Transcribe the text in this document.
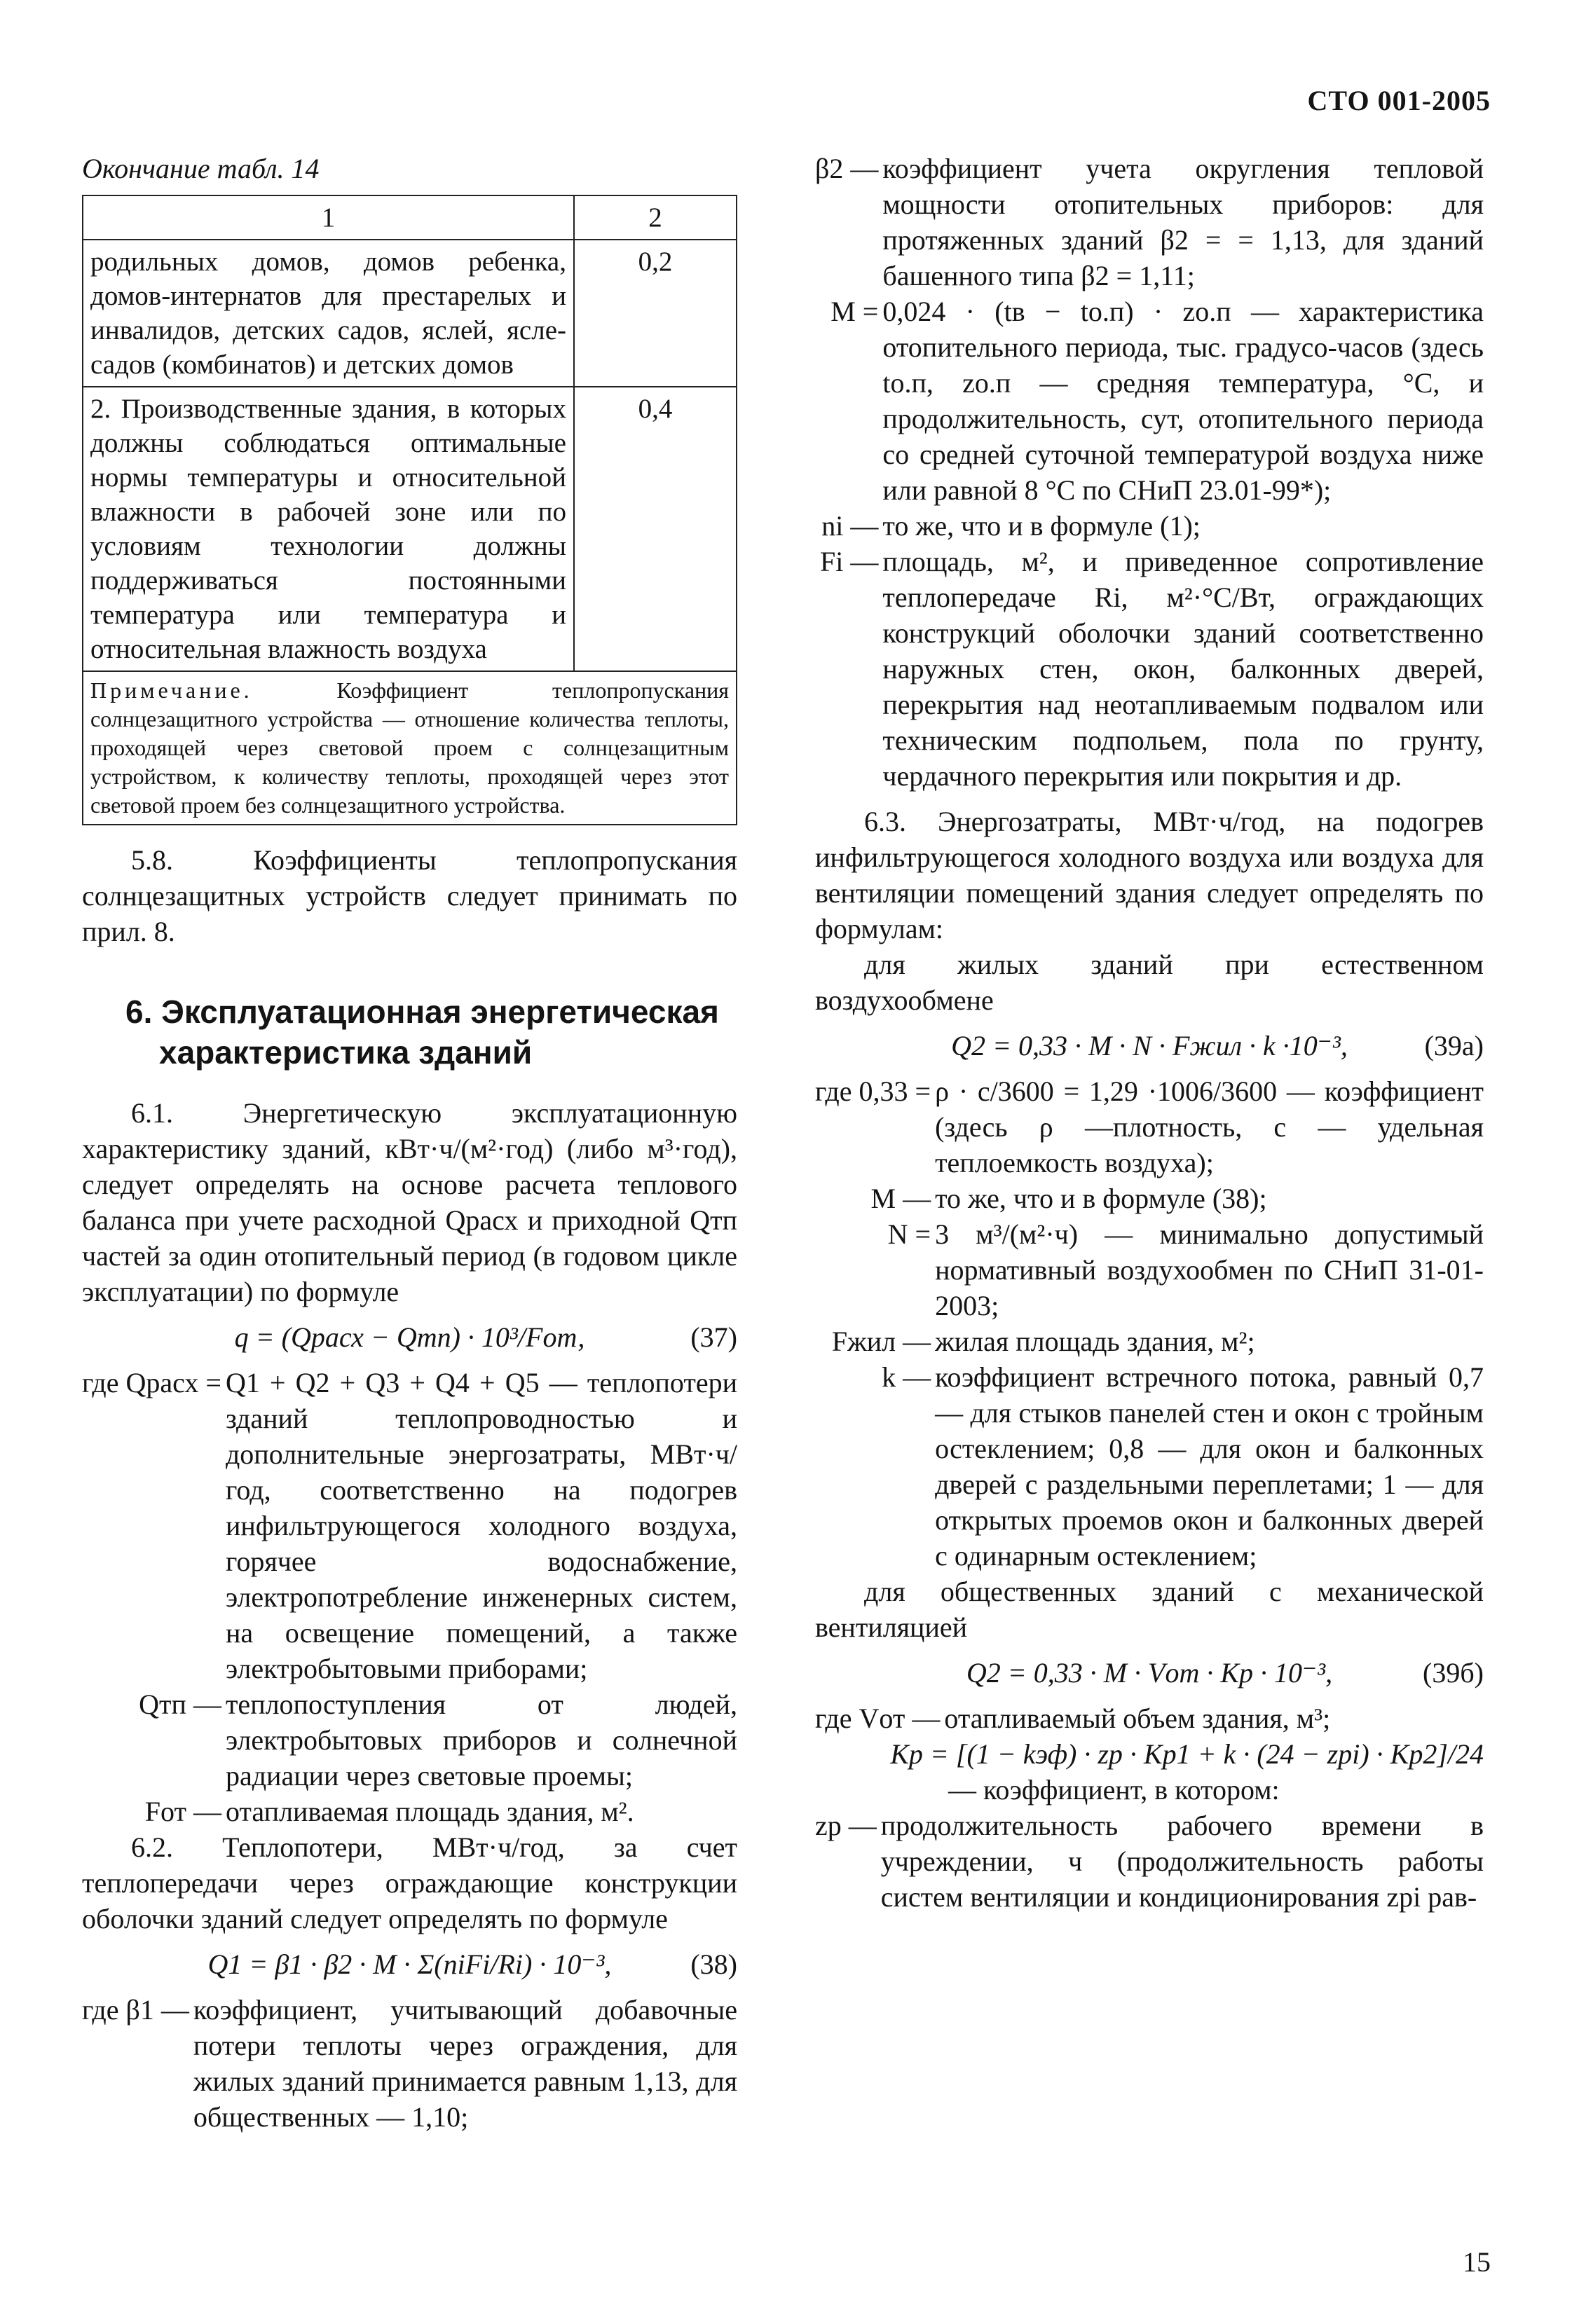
СТО 001-2005

Окончание табл. 14

1	2
родильных домов, домов ребенка, домов-интернатов для престарелых и инвалидов, детских садов, яслей, ясле-садов (комбинатов) и детских домов	0,2
2. Производственные здания, в которых должны соблюдаться оптимальные нормы температуры и относительной влажности в рабочей зоне или по условиям технологии должны поддерживаться постоянными температура или температура и относительная влажность воздуха	0,4
Примечание. Коэффициент теплопропускания солнцезащитного устройства — отношение количества теплоты, проходящей через световой проем с солнцезащитным устройством, к количеству теплоты, проходящей через этот световой проем без солнцезащитного устройства.	

5.8. Коэффициенты теплопропускания солнцезащитных устройств следует принимать по прил. 8.

6. Эксплуатационная энергетическая
характеристика зданий

6.1. Энергетическую эксплуатационную характеристику зданий, кВт·ч/(м²·год) (либо м³·год), следует определять на основе расчета теплового баланса при учете расходной Qрасх и приходной Qтп частей за один отопительный период (в годовом цикле эксплуатации) по формуле

q = (Qрасх − Qтп) · 10³/Fот,	(37)
где Qрасх = Q1 + Q2 + Q3 + Q4 + Q5 — теплопотери зданий теплопроводностью и дополнительные энергозатраты, МВт·ч/год, соответственно на подогрев инфильтрующегося холодного воздуха, горячее водоснабжение, электропотребление инженерных систем, на освещение помещений, а также электробытовыми приборами;
Qтп — теплопоступления от людей, электробытовых приборов и солнечной радиации через световые проемы;
Fот — отапливаемая площадь здания, м².

6.2. Теплопотери, МВт·ч/год, за счет теплопередачи через ограждающие конструкции оболочки зданий следует определять по формуле

Q1 = β1 · β2 · M · Σ(niFi/Ri) · 10⁻³,	(38)
где β1 — коэффициент, учитывающий добавочные потери теплоты через ограждения, для жилых зданий принимается равным 1,13, для общественных — 1,10;
β2 — коэффициент учета округления тепловой мощности отопительных приборов: для протяженных зданий β2 = = 1,13, для зданий башенного типа β2 = 1,11;
M = 0,024 · (tв − tо.п) · zо.п — характеристика отопительного периода, тыс. градусо-часов (здесь tо.п, zо.п — средняя температура, °С, и продолжительность, сут, отопительного периода со средней суточной температурой воздуха ниже или равной 8 °С по СНиП 23.01-99*);
ni — то же, что и в формуле (1);
Fi — площадь, м², и приведенное сопротивление теплопередаче Ri, м²·°С/Вт, ограждающих конструкций оболочки зданий соответственно наружных стен, окон, балконных дверей, перекрытия над неотапливаемым подвалом или техническим подпольем, пола по грунту, чердачного перекрытия или покрытия и др.

6.3. Энергозатраты, МВт·ч/год, на подогрев инфильтрующегося холодного воздуха или воздуха для вентиляции помещений здания следует определять по формулам:

для жилых зданий при естественном воздухообмене

Q2 = 0,33 · M · N · Fжил · k ·10⁻³,	(39а)
где 0,33 = ρ · c/3600 = 1,29 ·1006/3600 — коэффициент (здесь ρ —плотность, c — удельная теплоемкость воздуха);
M — то же, что и в формуле (38);
N = 3 м³/(м²·ч) — минимально допустимый нормативный воздухообмен по СНиП 31-01-2003;
Fжил — жилая площадь здания, м²;
k — коэффициент встречного потока, равный 0,7 — для стыков панелей стен и окон с тройным остеклением; 0,8 — для окон и балконных дверей с раздельными переплетами; 1 — для открытых проемов окон и балконных дверей с одинарным остеклением;

для общественных зданий с механической вентиляцией

Q2 = 0,33 · M · Vот · Kр · 10⁻³,	(39б)
где Vот — отапливаемый объем здания, м³;

Kр = [(1 − kэф) · zр · Kр1 + k · (24 − zрi) · Kр2]/24

— коэффициент, в котором:

zр — продолжительность рабочего времени в учреждении, ч (продолжительность работы систем вентиляции и кондиционирования zрi рав-
15
